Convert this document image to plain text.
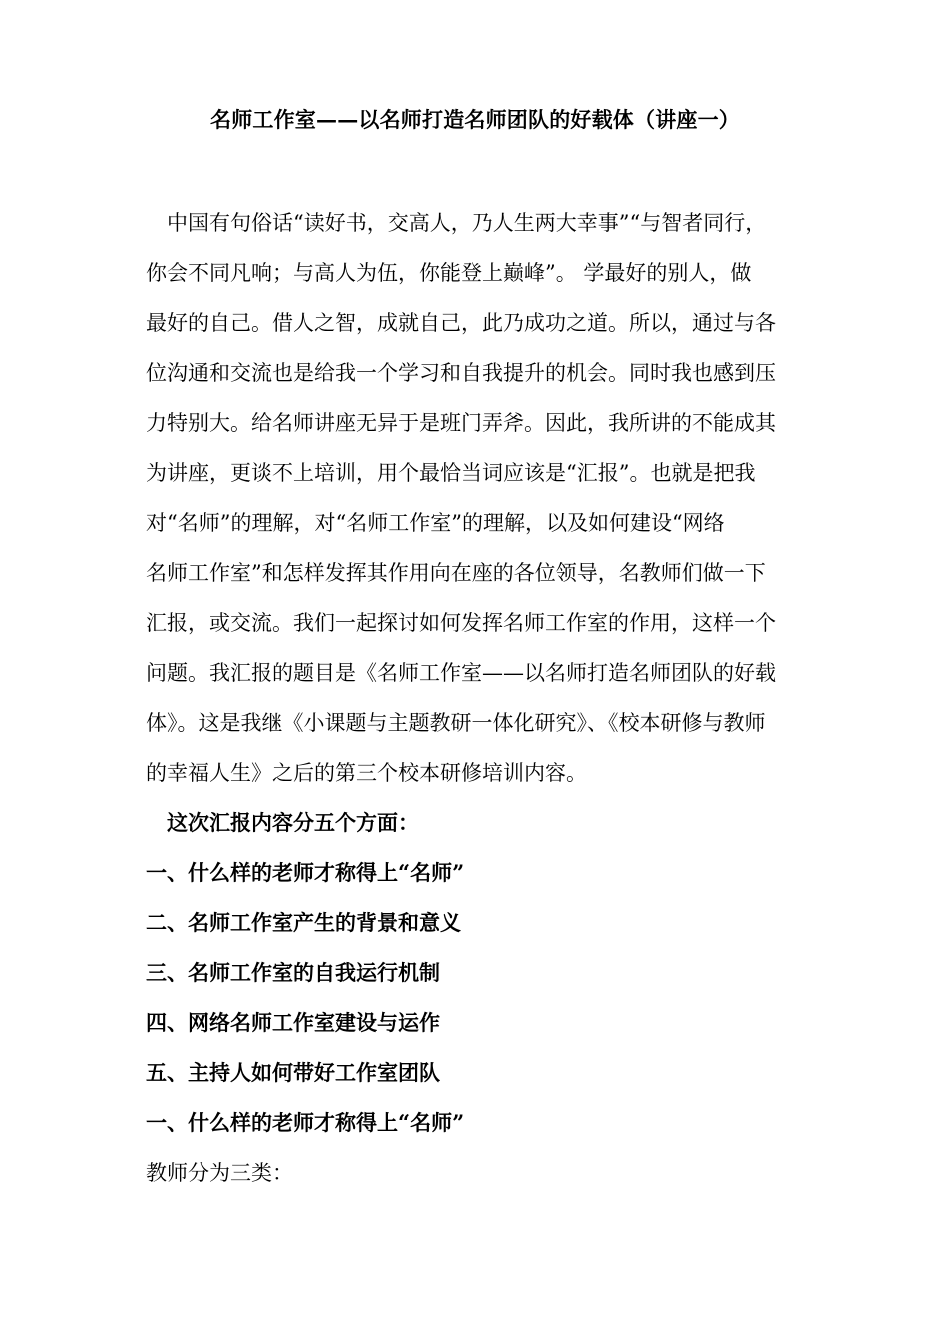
名师工作室——以名师打造名师团队的好载体（讲座一）
中国有句俗话“读好书，交高人，乃人生两大幸事”“与智者同行，
你会不同凡响；与高人为伍，你能登上巅峰”。 学最好的别人，做
最好的自己。借人之智，成就自己，此乃成功之道。所以，通过与各
位沟通和交流也是给我一个学习和自我提升的机会。同时我也感到压
力特别大。给名师讲座无异于是班门弄斧。因此，我所讲的不能成其
为讲座，更谈不上培训，用个最恰当词应该是“汇报”。也就是把我
对“名师”的理解，对“名师工作室”的理解，以及如何建设“网络
名师工作室”和怎样发挥其作用向在座的各位领导，名教师们做一下
汇报，或交流。我们一起探讨如何发挥名师工作室的作用，这样一个
问题。我汇报的题目是《名师工作室——以名师打造名师团队的好载
体》。这是我继《小课题与主题教研一体化研究》、《校本研修与教师
的幸福人生》之后的第三个校本研修培训内容。
这次汇报内容分五个方面：
一、什么样的老师才称得上“名师”
二、名师工作室产生的背景和意义
三、名师工作室的自我运行机制
四、网络名师工作室建设与运作
五、主持人如何带好工作室团队
一、什么样的老师才称得上“名师”
教师分为三类：
